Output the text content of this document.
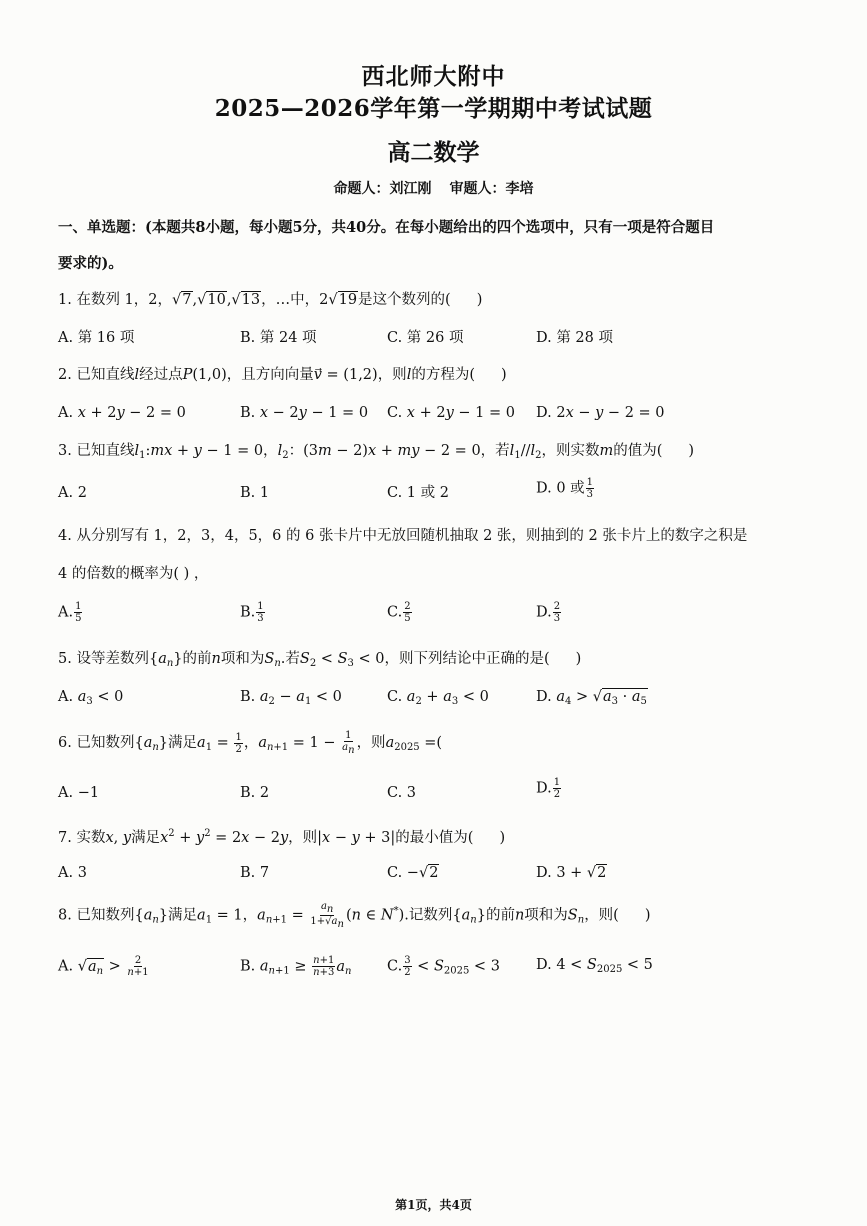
西北师大附中
2025—2026学年第一学期期中考试试题
高二数学
命题人：刘江刚 审题人：李培
一、单选题：(本题共8小题，每小题5分，共40分。在每小题给出的四个选项中，只有一项是符合题目
要求的)。
1. 在数列 1，2，√7,√10,√13，…中，2√19是这个数列的( )
A. 第 16 项	B. 第 24 项	C. 第 26 项	D. 第 28 项
2. 已知直线l经过点P(1,0)，且方向向量v⃗ = (1,2)，则l的方程为( )
A. x + 2y − 2 = 0	B. x − 2y − 1 = 0 C. x + 2y − 1 = 0 D. 2x − y − 2 = 0
3. 已知直线$l_1:mx + y - 1 = 0$，$l_2$：(3m − 2)x + my − 2 = 0，若$l_1//l_2$，则实数m的值为( )
A. 2	B. 1	C. 1 或 2	D. 0 或 $\frac{1}{3}$
4. 从分别写有 1，2，3，4，5，6 的 6 张卡片中无放回随机抽取 2 张，则抽到的 2 张卡片上的数字之积是
4 的倍数的概率为( ) ，
A. $\frac{1}{5}$	B. $\frac{1}{3}$	C. $\frac{2}{5}$	D. $\frac{2}{3}$
5. 设等差数列$\{a_n\}$的前n项和为$S_n$.若$S_2 < S_3 < 0$，则下列结论中正确的是( )
A. $a_3 < 0$	B. $a_2 - a_1 < 0$	C. $a_2 + a_3 < 0$	D. $a_4 > √a_3 \cdot a_5$
6. 已知数列$\{a_n\}$满足$a_1 = \frac{1}{2}$ ，$a_{n+1} = 1 - \frac{1}{a_n}$ ，则$a_{2025}$ =(
A. −1	B. 2	C. 3	D. $\frac{1}{2}$
7. 实数x, y满足$x^2 + y^2 = 2x - 2y$，则|x − y + 3|的最小值为( )
A. 3	B. 7	C. −√2	D. 3 + √2
8. 已知数列$\{a_n\}$满足$a_1 = 1$，$a_{n+1} = \frac{a_n}{1+√a_n} (n$ ∈ N*).记数列$\{a_n\}$的前n项和为$S_n$，则( )
A. $√a_n > \frac{2}{n+1}$	B. $a_{n+1} \ge \frac{n+1}{n+3} a_n$ C. $\frac{3}{2} < S_{2025} < 3$ D. $4 < S_{2025} < 5$
第1页，共4页
